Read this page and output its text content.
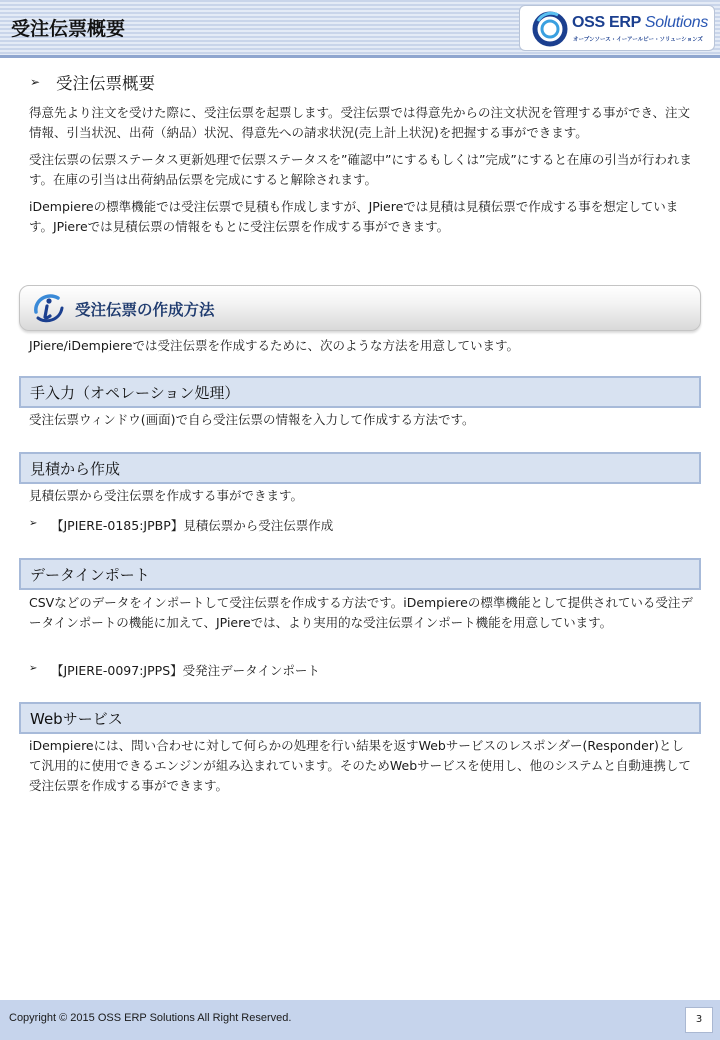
受注伝票概要	OSS ERP Solutions
オープンソース・イーアールピー・ソリューションズ
➢ 受注伝票概要
得意先より注文を受けた際に、受注伝票を起票します。受注伝票では得意先からの注文状況を管理する事ができ、注文情報、引当状況、出荷（納品）状況、得意先への請求状況(売上計上状況)を把握する事ができます。
受注伝票の伝票ステータス更新処理で伝票ステータスを”確認中”にするもしくは”完成”にすると在庫の引当が行われます。在庫の引当は出荷納品伝票を完成にすると解除されます。
iDempiereの標準機能では受注伝票で見積も作成しますが、JPiereでは見積は見積伝票で作成する事を想定しています。JPiereでは見積伝票の情報をもとに受注伝票を作成する事ができます。
受注伝票の作成方法
JPiere/iDempiereでは受注伝票を作成するために、次のような方法を用意しています。
手入力（オペレーション処理）
受注伝票ウィンドウ(画面)で自ら受注伝票の情報を入力して作成する方法です。
見積から作成
見積伝票から受注伝票を作成する事ができます。
➢	【JPIERE-0185:JPBP】見積伝票から受注伝票作成
データインポート
CSVなどのデータをインポートして受注伝票を作成する方法です。iDempiereの標準機能として提供されている受注データインポートの機能に加えて、JPiereでは、より実用的な受注伝票インポート機能を用意しています。
➢	【JPIERE-0097:JPPS】受発注データインポート
Webサービス
iDempiereには、問い合わせに対して何らかの処理を行い結果を返すWebサービスのレスポンダー(Responder)として汎用的に使用できるエンジンが組み込まれています。そのためWebサービスを使用し、他のシステムと自動連携して受注伝票を作成する事ができます。
Copyright © 2015 OSS ERP Solutions All Right Reserved.	3
